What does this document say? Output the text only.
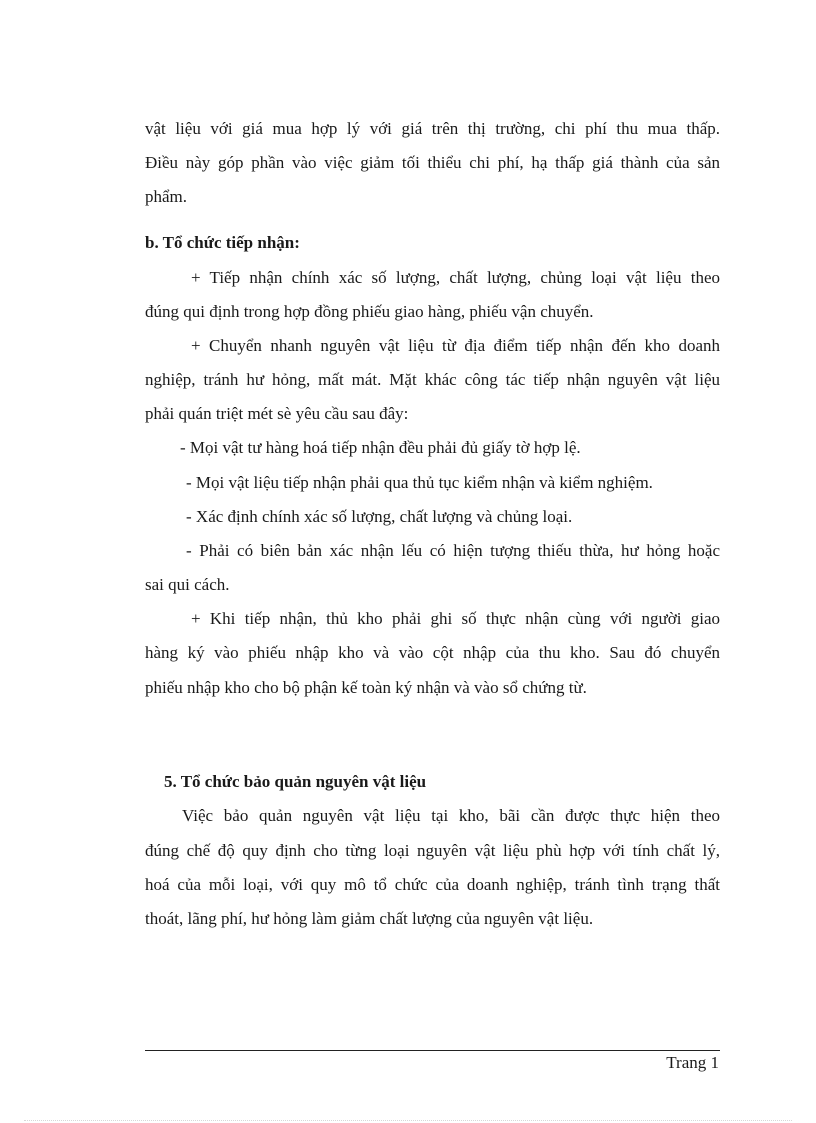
vật liệu với giá mua hợp lý với giá trên thị trường, chi phí thu mua thấp.
Điều này góp phần vào việc giảm tối thiểu chi phí, hạ thấp giá thành của sản
phẩm.
b. Tổ chức tiếp nhận:
+ Tiếp nhận chính xác số lượng, chất lượng, chủng loại vật liệu theo
đúng qui định trong hợp đồng phiếu giao hàng, phiếu vận chuyển.
+ Chuyển nhanh nguyên vật liệu từ địa điểm tiếp nhận đến kho doanh
nghiệp, tránh hư hỏng, mất mát. Mặt khác công tác tiếp nhận nguyên vật liệu
phải quán triệt mét sè yêu cầu sau đây:
- Mọi vật tư hàng hoá tiếp nhận đều phải đủ giấy tờ hợp lệ.
- Mọi vật liệu tiếp nhận phải qua thủ tục kiểm nhận và kiểm nghiệm.
- Xác định chính xác số lượng, chất lượng và chủng loại.
- Phải có biên bản xác nhận lếu có hiện tượng thiếu thừa, hư hỏng hoặc
sai qui cách.
+ Khi tiếp nhận, thủ kho phải ghi số thực nhận cùng với người giao
hàng ký vào phiếu nhập kho và vào cột nhập của thu kho. Sau đó chuyển
phiếu nhập kho cho bộ phận kế toàn ký nhận và vào sổ chứng từ.
5. Tổ chức bảo quản nguyên vật liệu
Việc bảo quản nguyên vật liệu tại kho, bãi cần được thực hiện theo
đúng chế độ quy định cho từng loại nguyên vật liệu phù hợp với tính chất lý,
hoá của mỗi loại, với quy mô tổ chức của doanh nghiệp, tránh tình trạng thất
thoát, lãng phí, hư hỏng làm giảm chất lượng của nguyên vật liệu.
Trang 1
